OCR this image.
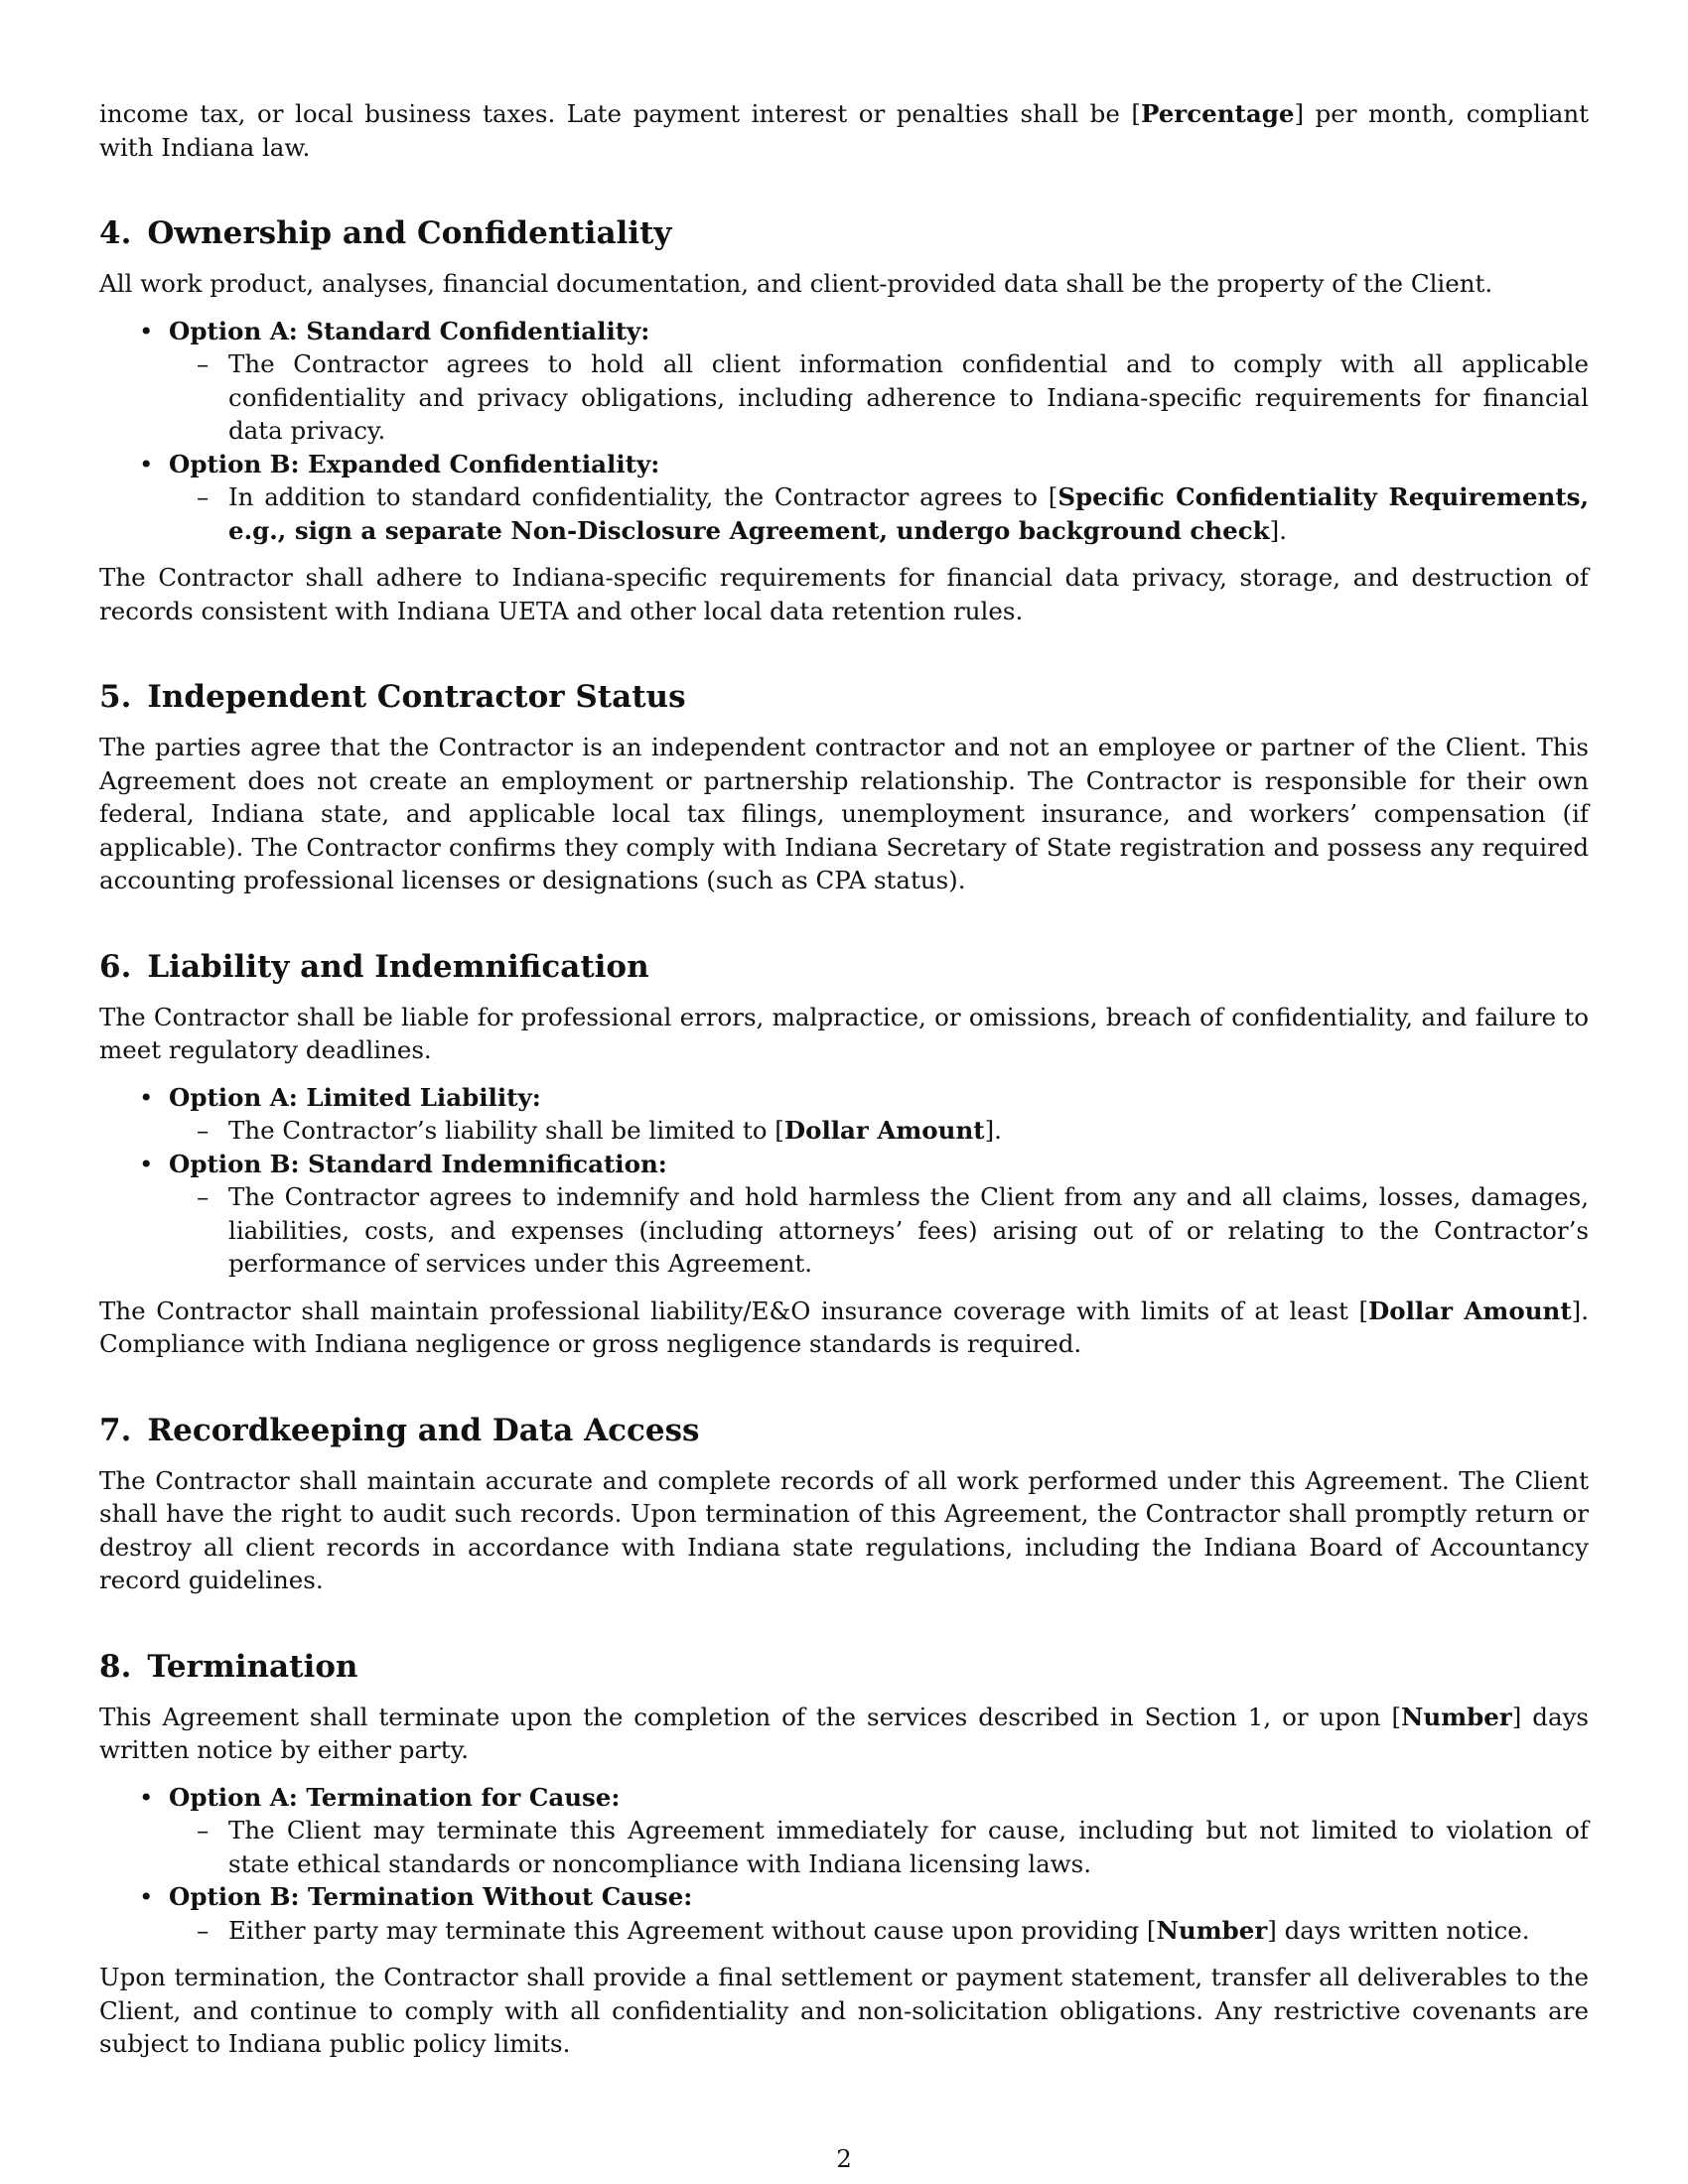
income tax, or local business taxes. Late payment interest or penalties shall be [Percentage] per month, compliant with Indiana law.

4. Ownership and Confidentiality

All work product, analyses, financial documentation, and client-provided data shall be the property of the Client.

• Option A: Standard Confidentiality:
– The Contractor agrees to hold all client information confidential and to comply with all applicable confidentiality and privacy obligations, including adherence to Indiana-specific requirements for financial data privacy.

• Option B: Expanded Confidentiality:
– In addition to standard confidentiality, the Contractor agrees to [Specific Confidentiality Requirements, e.g., sign a separate Non-Disclosure Agreement, undergo background check].

The Contractor shall adhere to Indiana-specific requirements for financial data privacy, storage, and destruction of records consistent with Indiana UETA and other local data retention rules.

5. Independent Contractor Status

The parties agree that the Contractor is an independent contractor and not an employee or partner of the Client. This Agreement does not create an employment or partnership relationship. The Contractor is responsible for their own federal, Indiana state, and applicable local tax filings, unemployment insurance, and workers’ compensation (if applicable). The Contractor confirms they comply with Indiana Secretary of State registration and possess any required accounting professional licenses or designations (such as CPA status).

6. Liability and Indemnification

The Contractor shall be liable for professional errors, malpractice, or omissions, breach of confidentiality, and failure to meet regulatory deadlines.

• Option A: Limited Liability:
– The Contractor’s liability shall be limited to [Dollar Amount].

• Option B: Standard Indemnification:
– The Contractor agrees to indemnify and hold harmless the Client from any and all claims, losses, damages, liabilities, costs, and expenses (including attorneys’ fees) arising out of or relating to the Contractor’s performance of services under this Agreement.

The Contractor shall maintain professional liability/E&O insurance coverage with limits of at least [Dollar Amount]. Compliance with Indiana negligence or gross negligence standards is required.

7. Recordkeeping and Data Access

The Contractor shall maintain accurate and complete records of all work performed under this Agreement. The Client shall have the right to audit such records. Upon termination of this Agreement, the Contractor shall promptly return or destroy all client records in accordance with Indiana state regulations, including the Indiana Board of Accountancy record guidelines.

8. Termination

This Agreement shall terminate upon the completion of the services described in Section 1, or upon [Number] days written notice by either party.

• Option A: Termination for Cause:
– The Client may terminate this Agreement immediately for cause, including but not limited to violation of state ethical standards or noncompliance with Indiana licensing laws.

• Option B: Termination Without Cause:
– Either party may terminate this Agreement without cause upon providing [Number] days written notice.

Upon termination, the Contractor shall provide a final settlement or payment statement, transfer all deliverables to the Client, and continue to comply with all confidentiality and non-solicitation obligations. Any restrictive covenants are subject to Indiana public policy limits.

2
